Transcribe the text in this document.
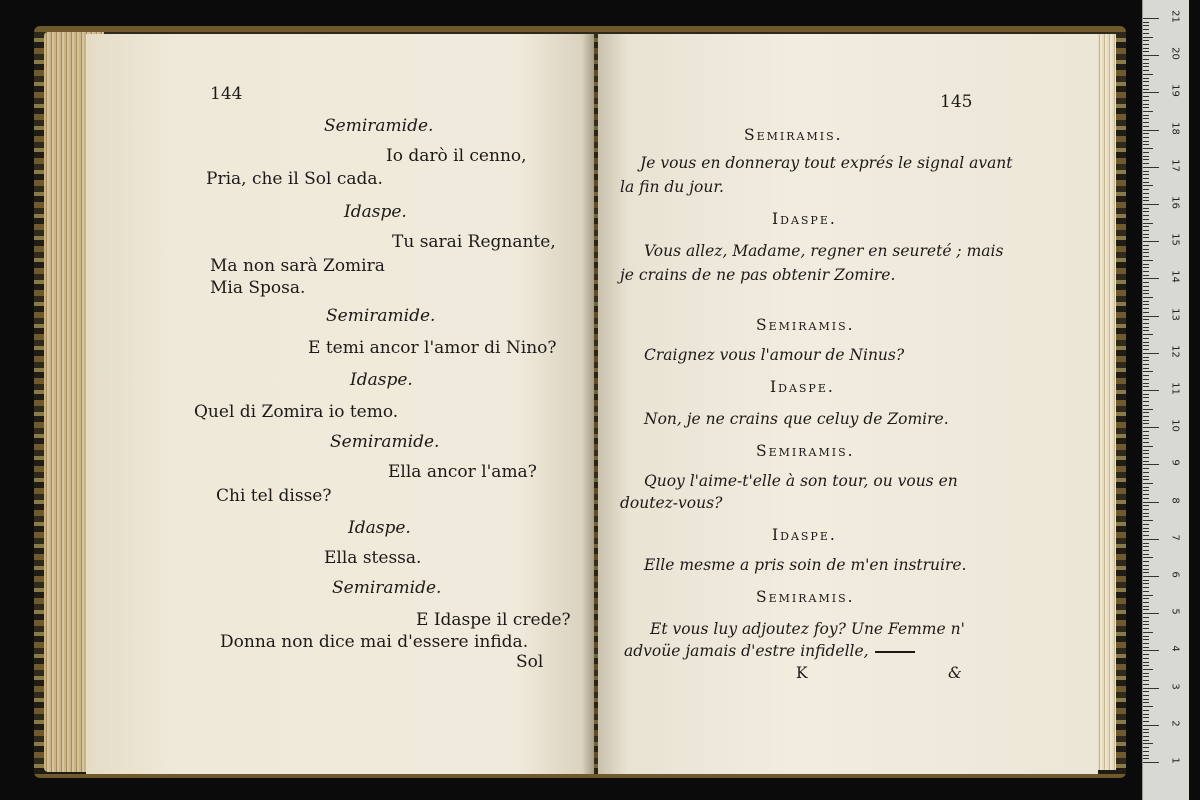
144
Semiramide.
Io darò il cenno,
Pria, che il Sol cada.
Idaspe.
Tu sarai Regnante,
Ma non sarà Zomira
Mia Sposa.
Semiramide.
E temi ancor l'amor di Nino?
Idaspe.
Quel di Zomira io temo.
Semiramide.
Ella ancor l'ama?
Chi tel disse?
Idaspe.
Ella stessa.
Semiramide.
E Idaspe il crede?
Donna non dice mai d'essere infida.
Sol
145
Semiramis.
Je vous en donneray tout exprés le signal avant
la fin du jour.
Idaspe.
Vous allez, Madame, regner en seureté ; mais
je crains de ne pas obtenir Zomire.
Semiramis.
Craignez vous l'amour de Ninus?
Idaspe.
Non, je ne crains que celuy de Zomire.
Semiramis.
Quoy l'aime-t'elle à son tour, ou vous en
doutez-vous?
Idaspe.
Elle mesme a pris soin de m'en instruire.
Semiramis.
Et vous luy adjoutez foy? Une Femme n'
advoüe jamais d'estre infidelle,
K	&
21
20
19
18
17
16
15
14
13
12
11
10
9
8
7
6
5
4
3
2
1
